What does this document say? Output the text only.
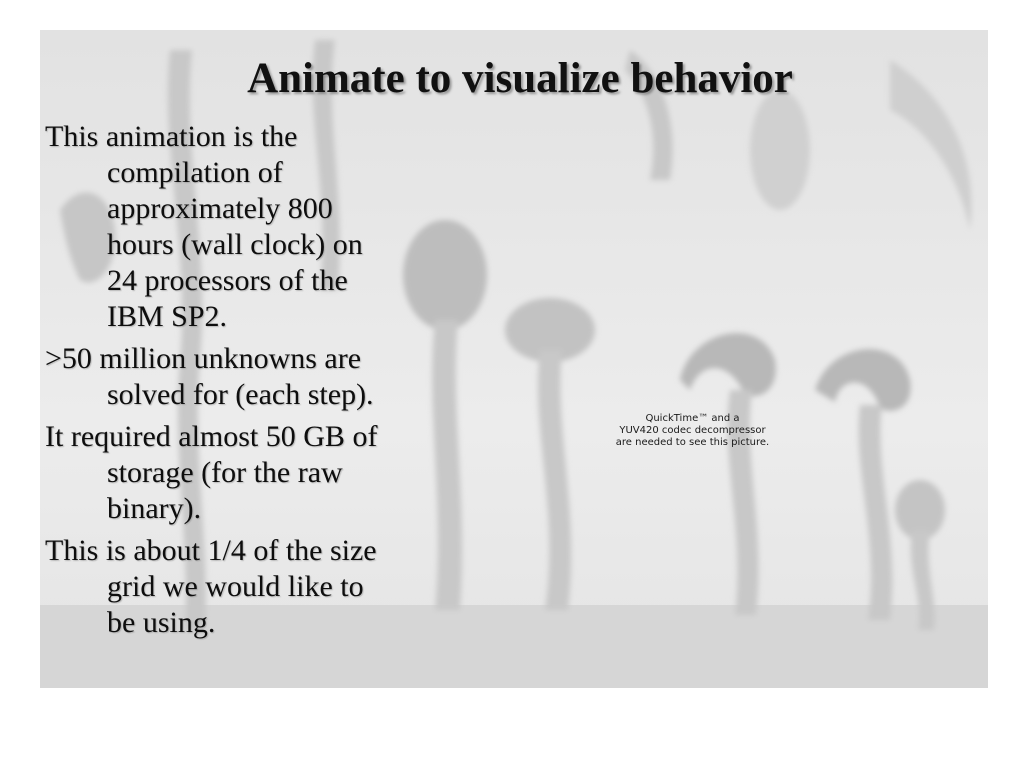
Animate to visualize behavior
This animation is the compilation of approximately 800 hours (wall clock) on 24 processors of the IBM SP2.
>50 million unknowns are solved for (each step).
It required almost 50 GB of storage (for the raw binary).
This is about 1/4 of the size grid we would like to be using.
QuickTime™ and a
YUV420 codec decompressor
are needed to see this picture.
